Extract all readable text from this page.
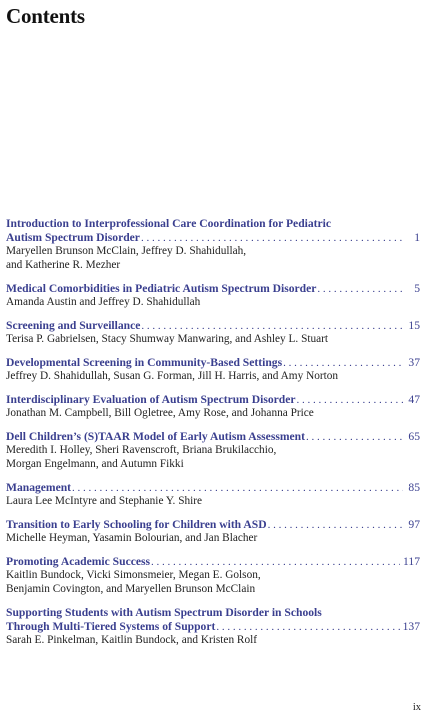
Contents
Introduction to Interprofessional Care Coordination for Pediatric
Autism Spectrum Disorder . . .	1
Maryellen Brunson McClain, Jeffrey D. Shahidullah,
and Katherine R. Mezher
Medical Comorbidities in Pediatric Autism Spectrum Disorder . . .	5
Amanda Austin and Jeffrey D. Shahidullah
Screening and Surveillance . . .	15
Terisa P. Gabrielsen, Stacy Shumway Manwaring, and Ashley L. Stuart
Developmental Screening in Community-Based Settings . . .	37
Jeffrey D. Shahidullah, Susan G. Forman, Jill H. Harris, and Amy Norton
Interdisciplinary Evaluation of Autism Spectrum Disorder . . .	47
Jonathan M. Campbell, Bill Ogletree, Amy Rose, and Johanna Price
Dell Children’s (S)TAAR Model of Early Autism Assessment . . .	65
Meredith I. Holley, Sheri Ravenscroft, Briana Brukilacchio,
Morgan Engelmann, and Autumn Fikki
Management . . .	85
Laura Lee McIntyre and Stephanie Y. Shire
Transition to Early Schooling for Children with ASD . . .	97
Michelle Heyman, Yasamin Bolourian, and Jan Blacher
Promoting Academic Success . . .	117
Kaitlin Bundock, Vicki Simonsmeier, Megan E. Golson,
Benjamin Covington, and Maryellen Brunson McClain
Supporting Students with Autism Spectrum Disorder in Schools
Through Multi-Tiered Systems of Support . . .	137
Sarah E. Pinkelman, Kaitlin Bundock, and Kristen Rolf
ix
